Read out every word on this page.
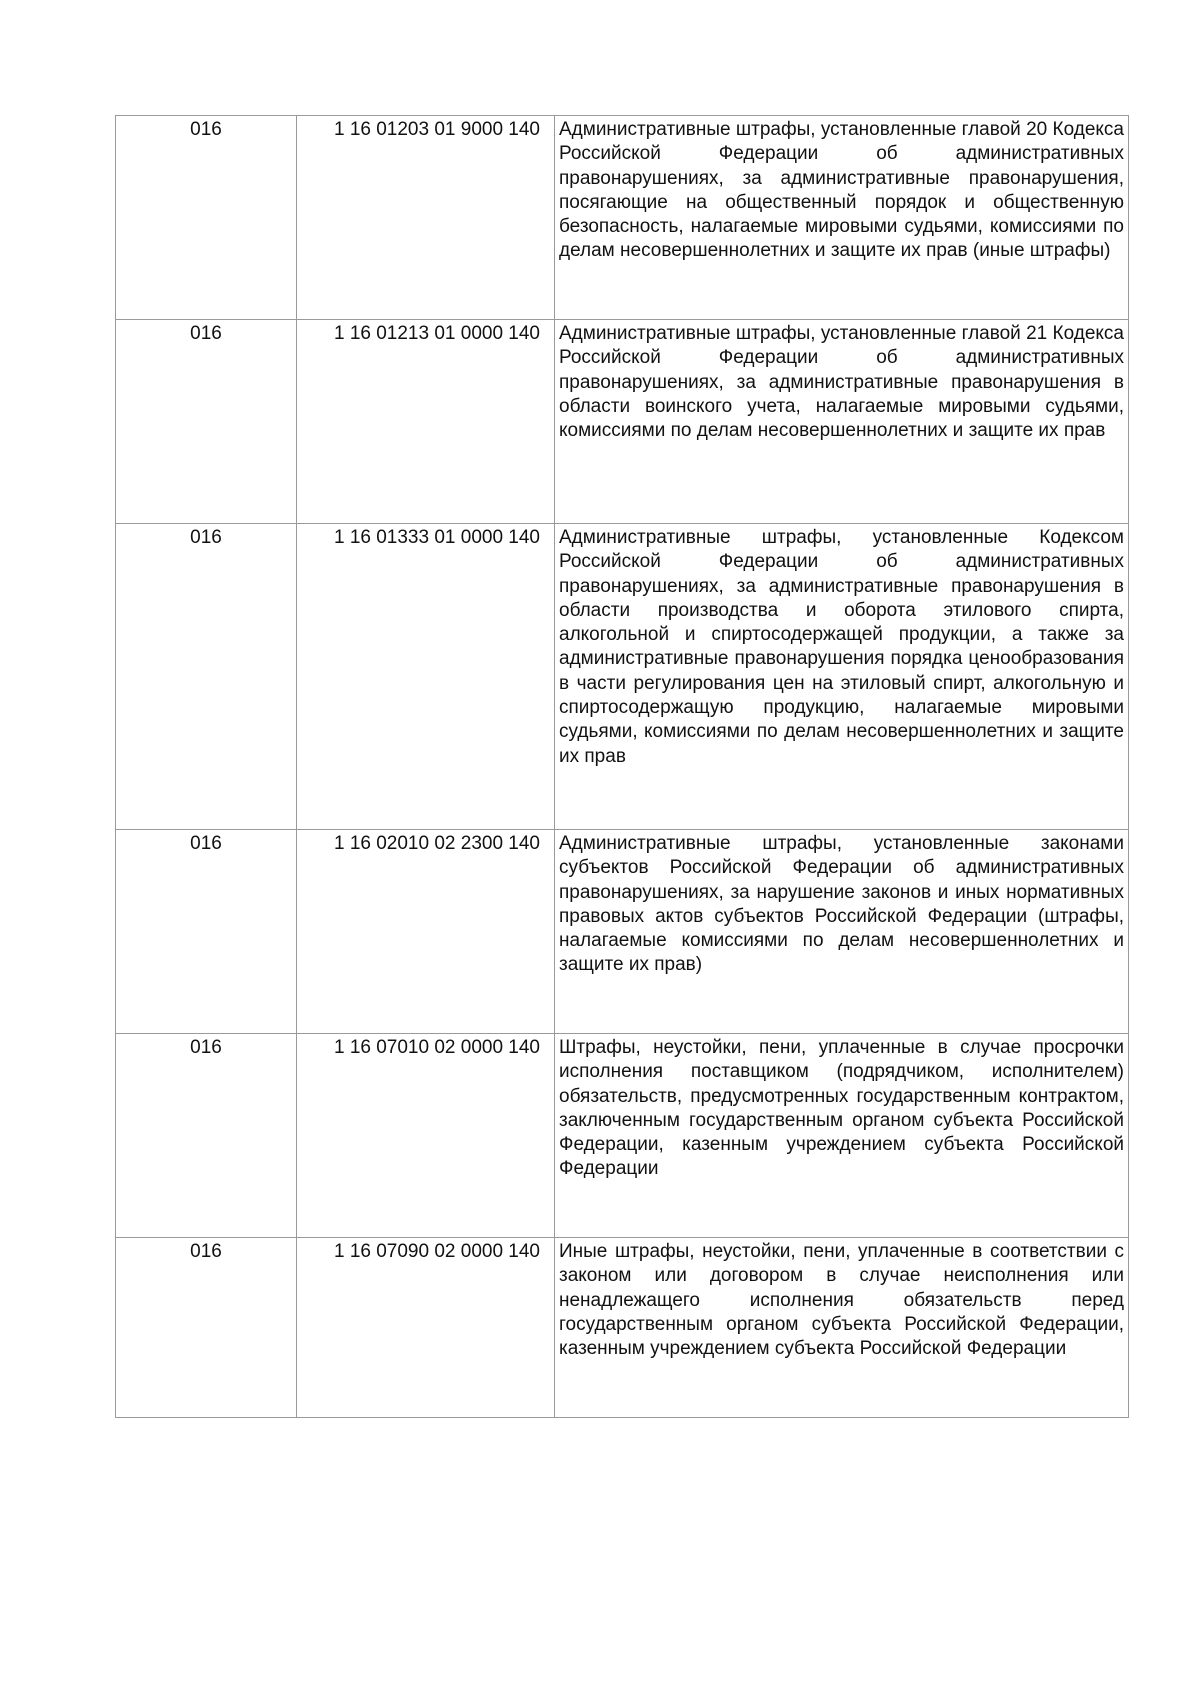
016	1 16 01203 01 9000 140	Административные штрафы, установленные главой 20 Кодекса Российской Федерации об административных правонарушениях, за административные правонарушения, посягающие на общественный порядок и общественную безопасность, налагаемые мировыми судьями, комиссиями по делам несовершеннолетних и защите их прав (иные штрафы)
016	1 16 01213 01 0000 140	Административные штрафы, установленные главой 21 Кодекса Российской Федерации об административных правонарушениях, за административные правонарушения в области воинского учета, налагаемые мировыми судьями, комиссиями по делам несовершеннолетних и защите их прав
016	1 16 01333 01 0000 140	Административные штрафы, установленные Кодексом Российской Федерации об административных правонарушениях, за административные правонарушения в области производства и оборота этилового спирта, алкогольной и спиртосодержащей продукции, а также за административные правонарушения порядка ценообразования в части регулирования цен на этиловый спирт, алкогольную и спиртосодержащую продукцию, налагаемые мировыми судьями, комиссиями по делам несовершеннолетних и защите их прав
016	1 16 02010 02 2300 140	Административные штрафы, установленные законами субъектов Российской Федерации об административных правонарушениях, за нарушение законов и иных нормативных правовых актов субъектов Российской Федерации (штрафы, налагаемые комиссиями по делам несовершеннолетних и защите их прав)
016	1 16 07010 02 0000 140	Штрафы, неустойки, пени, уплаченные в случае просрочки исполнения поставщиком (подрядчиком, исполнителем) обязательств, предусмотренных государственным контрактом, заключенным государственным органом субъекта Российской Федерации, казенным учреждением субъекта Российской Федерации
016	1 16 07090 02 0000 140	Иные штрафы, неустойки, пени, уплаченные в соответствии с законом или договором в случае неисполнения или ненадлежащего исполнения обязательств перед государственным органом субъекта Российской Федерации, казенным учреждением субъекта Российской Федерации
